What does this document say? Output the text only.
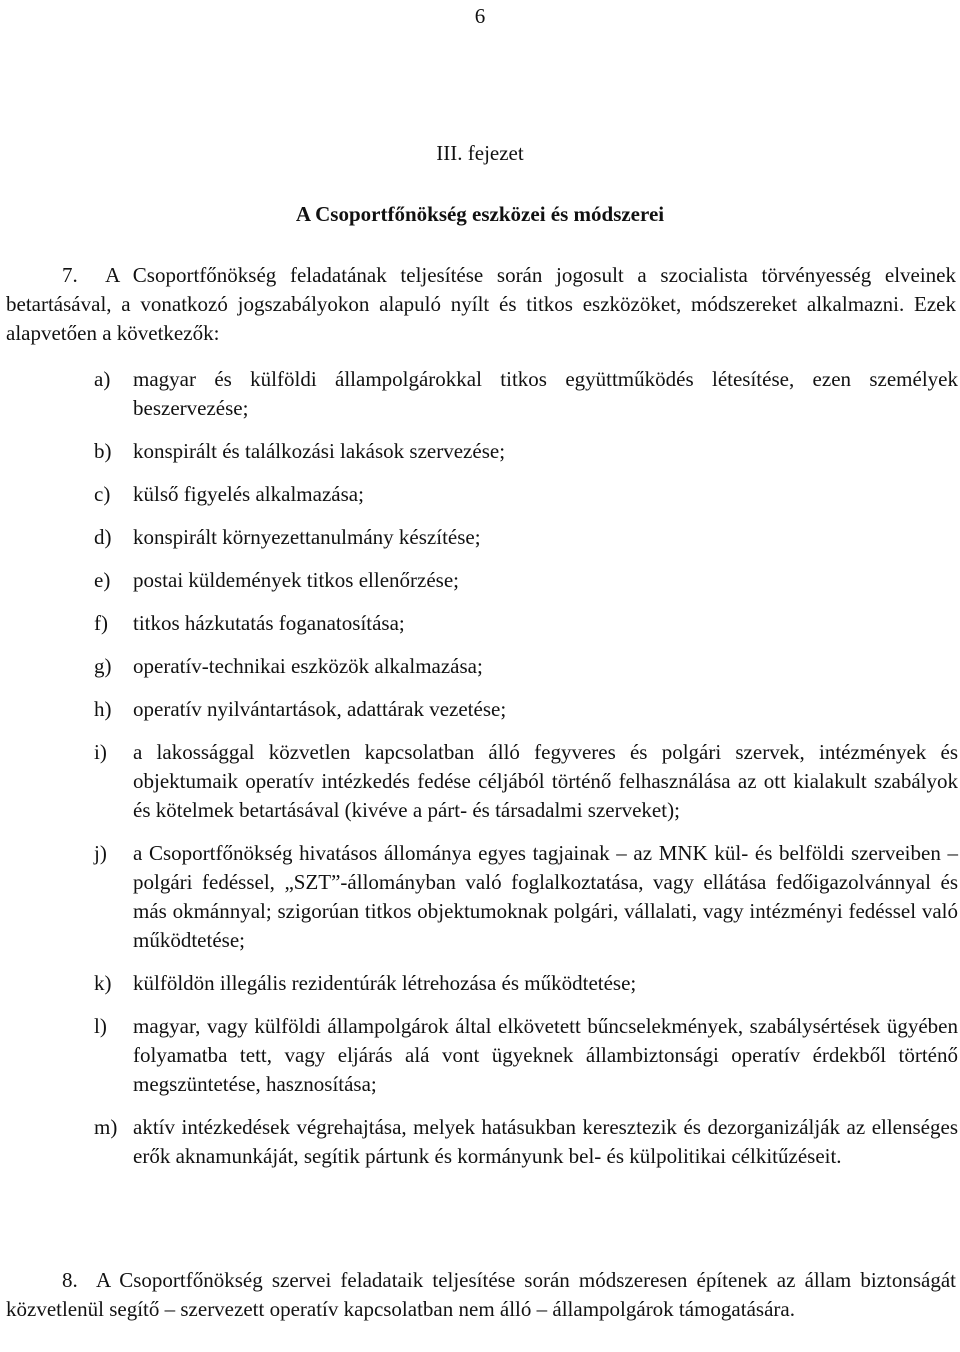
6
III. fejezet
A Csoportfőnökség eszközei és módszerei

7. A Csoportfőnökség feladatának teljesítése során jogosult a szocialista törvényesség elveinek betartásával, a vonatkozó jogszabályokon alapuló nyílt és titkos eszközöket, módszereket alkalmazni. Ezek alapvetően a következők:

a) magyar és külföldi állampolgárokkal titkos együttműködés létesítése, ezen személyek beszervezése;
b) konspirált és találkozási lakások szervezése;
c) külső figyelés alkalmazása;
d) konspirált környezettanulmány készítése;
e) postai küldemények titkos ellenőrzése;
f) titkos házkutatás foganatosítása;
g) operatív-technikai eszközök alkalmazása;
h) operatív nyilvántartások, adattárak vezetése;
i) a lakossággal közvetlen kapcsolatban álló fegyveres és polgári szervek, intézmények és objektumaik operatív intézkedés fedése céljából történő felhasználása az ott kialakult szabályok és kötelmek betartásával (kivéve a párt- és társadalmi szerveket);
j) a Csoportfőnökség hivatásos állománya egyes tagjainak – az MNK kül- és belföldi szerveiben – polgári fedéssel, „SZT”-állományban való foglalkoztatása, vagy ellátása fedőigazolvánnyal és más okmánnyal; szigorúan titkos objektumoknak polgári, vállalati, vagy intézményi fedéssel való működtetése;
k) külföldön illegális rezidentúrák létrehozása és működtetése;
l) magyar, vagy külföldi állampolgárok által elkövetett bűncselekmények, szabálysértések ügyében folyamatba tett, vagy eljárás alá vont ügyeknek állambiztonsági operatív érdekből történő megszüntetése, hasznosítása;
m) aktív intézkedések végrehajtása, melyek hatásukban keresztezik és dezorganizálják az ellenséges erők aknamunkáját, segítik pártunk és kormányunk bel- és külpolitikai célkitűzéseit.

8. A Csoportfőnökség szervei feladataik teljesítése során módszeresen építenek az állam biztonságát közvetlenül segítő – szervezett operatív kapcsolatban nem álló – állampolgárok támogatására.
